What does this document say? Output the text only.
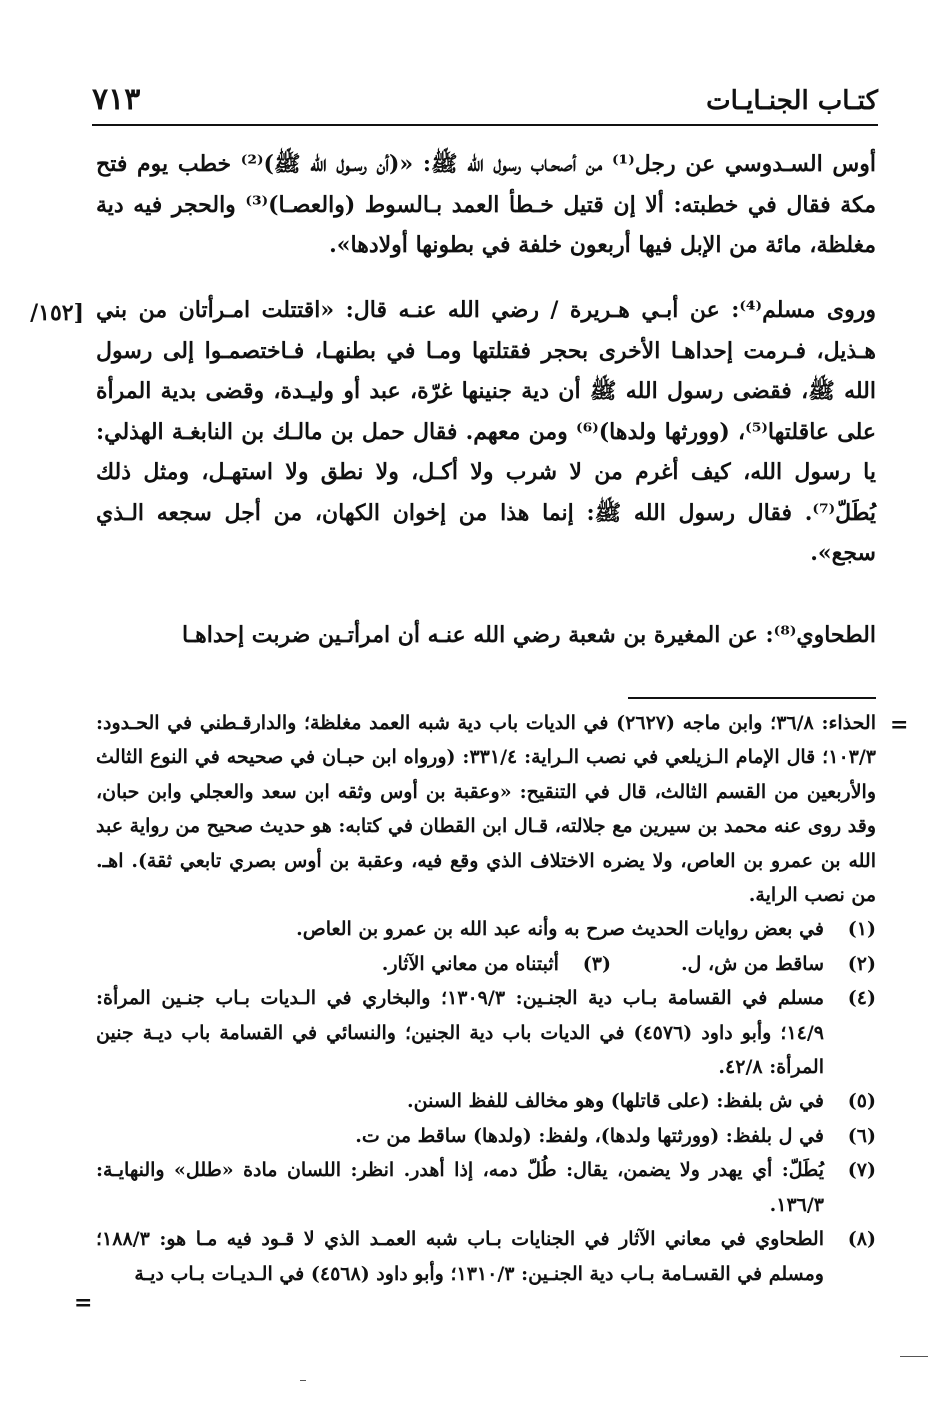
٧١٣	كتـاب الجنـايـات

أوس السـدوسي عن رجل⁽¹⁾ من أصحـاب رسول الله ﷺ: «(أن رسـول الله ﷺ)⁽²⁾ خطب يوم فتح مكة فقال في خطبته: ألا إن قتيل خـطأ العمد بـالسوط (والعصـا)⁽³⁾ والحجر فيه دية مغلظة، مائة من الإبل فيها أربعون خلفة في بطونها أولادها».

[١٥٢/ وروى مسلم⁽⁴⁾: عن أبـي هـريرة / رضي الله عنـه قال: «اقتتلت امـرأتان من بني هـذيل، فـرمت إحداهـا الأخرى بحجر فقتلتها ومـا في بطنهـا، فـاختصمـوا إلى رسول الله ﷺ، فقضى رسول الله ﷺ أن دية جنينها غرّة، عبد أو وليـدة، وقضى بدية المرأة على عاقلتها⁽⁵⁾، (وورثها ولدها)⁽⁶⁾ ومن معهم. فقال حمل بن مالـك بن النابغـة الهذلي: يا رسول الله، كيف أغرم من لا شرب ولا أكـل، ولا نطق ولا استهـل، ومثل ذلك يُطَلّ⁽⁷⁾. فقال رسول الله ﷺ: إنما هذا من إخوان الكهان، من أجل سجعه الـذي سجع».

الطحاوي⁽⁸⁾: عن المغيرة بن شعبة رضي الله عنـه أن امرأتـين ضربت إحداهـا

=

الحذاء: ٣٦/٨؛ وابن ماجه (٢٦٢٧) في الديات باب دية شبه العمد مغلظة؛ والدارقـطني في الحـدود: ١٠٣/٣؛ قال الإمام الـزيلعي في نصب الـراية: ٣٣١/٤: (ورواه ابن حبـان في صحيحه في النوع الثالث والأربعين من القسم الثالث، قال في التنقيح: «وعقبة بن أوس وثقه ابن سعد والعجلي وابن حبان، وقد روى عنه محمد بن سيرين مع جلالته، قـال ابن القطان في كتابه: هو حديث صحيح من رواية عبد الله بن عمرو بن العاص، ولا يضره الاختلاف الذي وقع فيه، وعقبة بن أوس بصري تابعي ثقة). اهـ. من نصب الراية.

(١)
في بعض روايات الحديث صرح به وأنه عبد الله بن عمرو بن العاص.
(٢)
ساقط من ش، ل.
(٣)
أثبتناه من معاني الآثار.
(٤)
مسلم في القسامة بـاب دية الجنـين: ١٣٠٩/٣؛ والبخاري في الـديات بـاب جنـين المرأة: ١٤/٩؛ وأبو داود (٤٥٧٦) في الديات باب دية الجنين؛ والنسائي في القسامة باب ديـة جنين المرأة: ٤٢/٨.
(٥)
في ش بلفظ: (على قاتلها) وهو مخالف للفظ السنن.
(٦)
في ل بلفظ: (وورثتها ولدها)، ولفظ: (ولدها) ساقط من ت.
(٧)
يُطَلّ: أي يهدر ولا يضمن، يقال: طُلّ دمه، إذا أهدر. انظر: اللسان مادة «طلل» والنهايـة: ١٣٦/٣.
(٨)
الطحاوي في معاني الآثار في الجنايات بـاب شبه العمـد الذي لا قـود فيه مـا هو: ١٨٨/٣؛ ومسلم في القسـامة بـاب دية الجنـين: ١٣١٠/٣؛ وأبو داود (٤٥٦٨) في الـديـات بـاب ديـة
=
